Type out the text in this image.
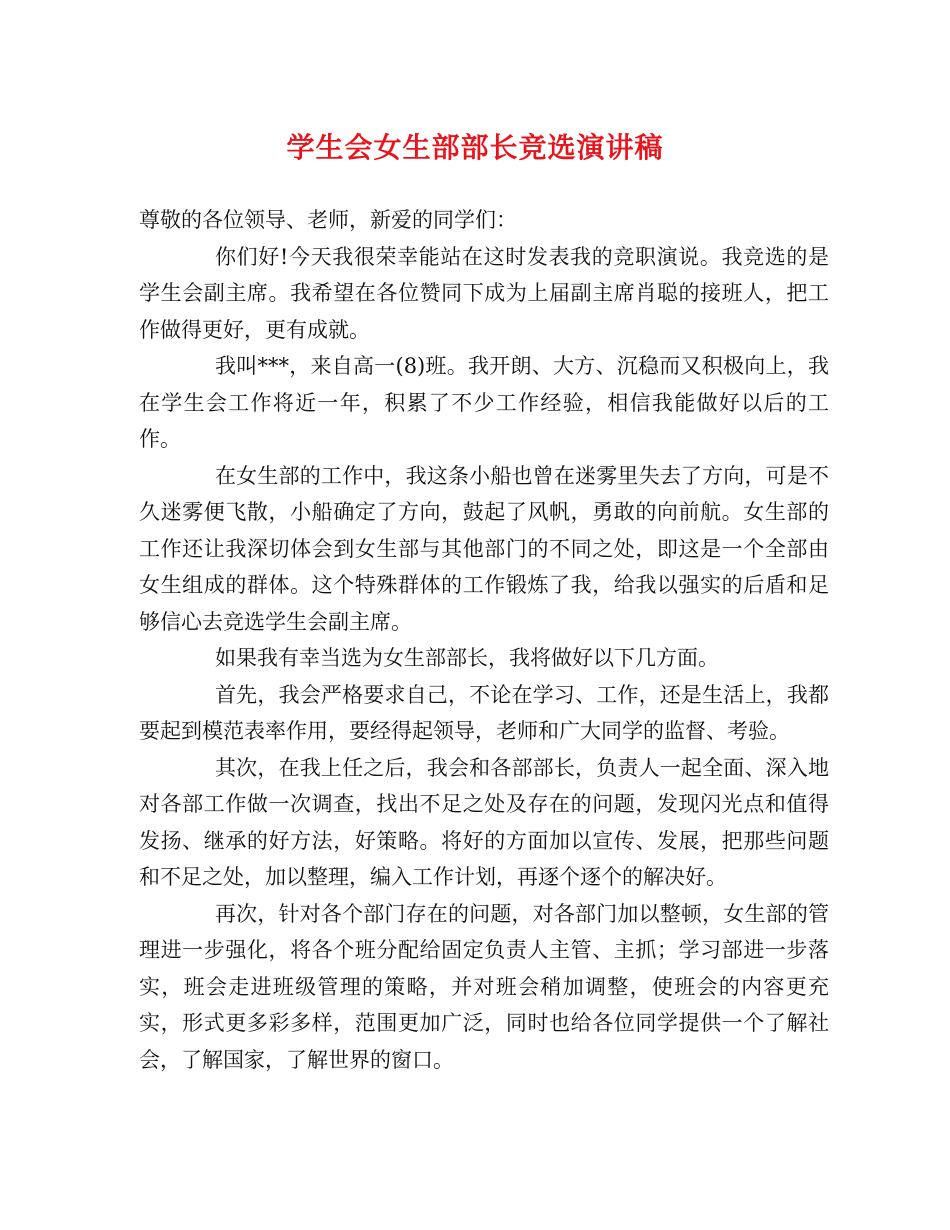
学生会女生部部长竞选演讲稿

尊敬的各位领导、老师，新爱的同学们：

你们好!今天我很荣幸能站在这时发表我的竞职演说。我竞选的是学生会副主席。我希望在各位赞同下成为上届副主席肖聪的接班人，把工作做得更好，更有成就。

我叫***，来自高一(8)班。我开朗、大方、沉稳而又积极向上，我在学生会工作将近一年，积累了不少工作经验，相信我能做好以后的工作。

在女生部的工作中，我这条小船也曾在迷雾里失去了方向，可是不久迷雾便飞散，小船确定了方向，鼓起了风帆，勇敢的向前航。女生部的工作还让我深切体会到女生部与其他部门的不同之处，即这是一个全部由女生组成的群体。这个特殊群体的工作锻炼了我，给我以强实的后盾和足够信心去竞选学生会副主席。

如果我有幸当选为女生部部长，我将做好以下几方面。

首先，我会严格要求自己，不论在学习、工作，还是生活上，我都要起到模范表率作用，要经得起领导，老师和广大同学的监督、考验。

其次，在我上任之后，我会和各部部长，负责人一起全面、深入地对各部工作做一次调查，找出不足之处及存在的问题，发现闪光点和值得发扬、继承的好方法，好策略。将好的方面加以宣传、发展，把那些问题和不足之处，加以整理，编入工作计划，再逐个逐个的解决好。

再次，针对各个部门存在的问题，对各部门加以整顿，女生部的管理进一步强化，将各个班分配给固定负责人主管、主抓；学习部进一步落实，班会走进班级管理的策略，并对班会稍加调整，使班会的内容更充实，形式更多彩多样，范围更加广泛，同时也给各位同学提供一个了解社会，了解国家，了解世界的窗口。
